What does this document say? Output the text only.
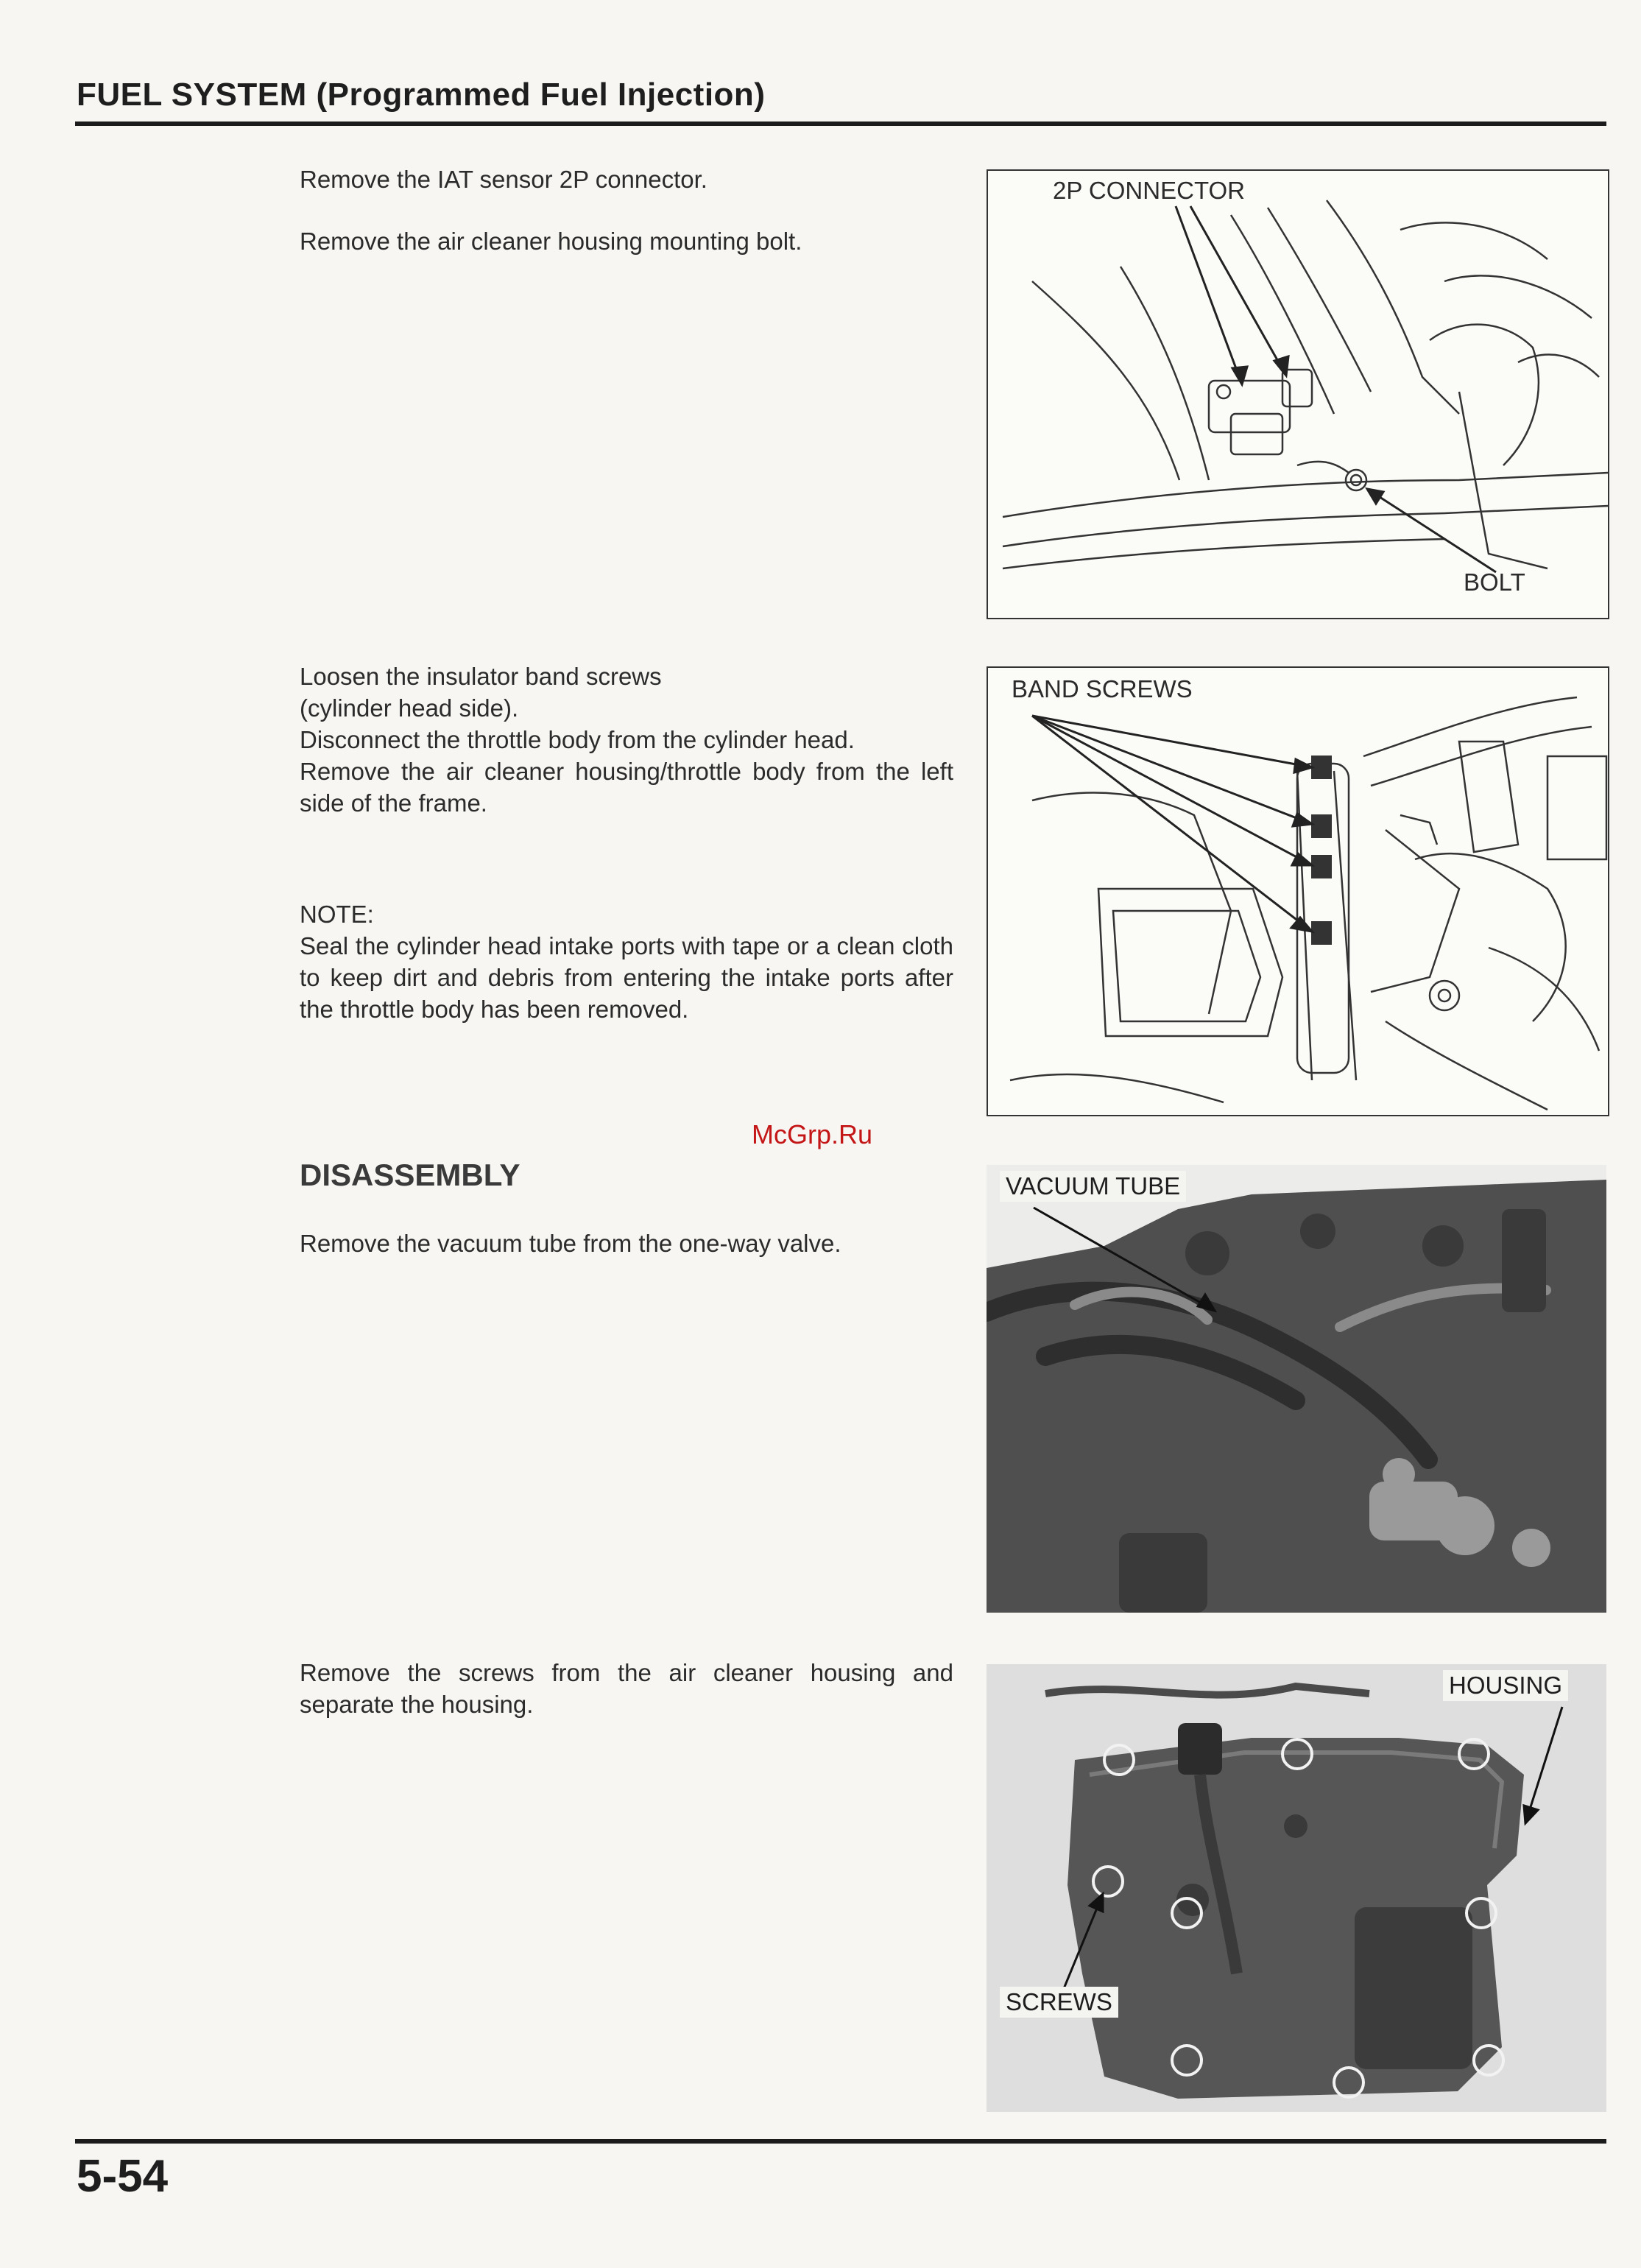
FUEL SYSTEM (Programmed Fuel Injection)
Remove the IAT sensor 2P connector.
Remove the air cleaner housing mounting bolt.
Loosen the insulator band screws
(cylinder head side).
Disconnect the throttle body from the cylinder head.
Remove the air cleaner housing/throttle body from the left side of the frame.
NOTE:
Seal the cylinder head intake ports with tape or a clean cloth to keep dirt and debris from entering the intake ports after the throttle body has been removed.
McGrp.Ru
DISASSEMBLY
Remove the vacuum tube from the one-way valve.
Remove the screws from the air cleaner housing and separate the housing.
2P CONNECTOR
BOLT
BAND SCREWS
VACUUM TUBE
HOUSING
SCREWS
5-54
